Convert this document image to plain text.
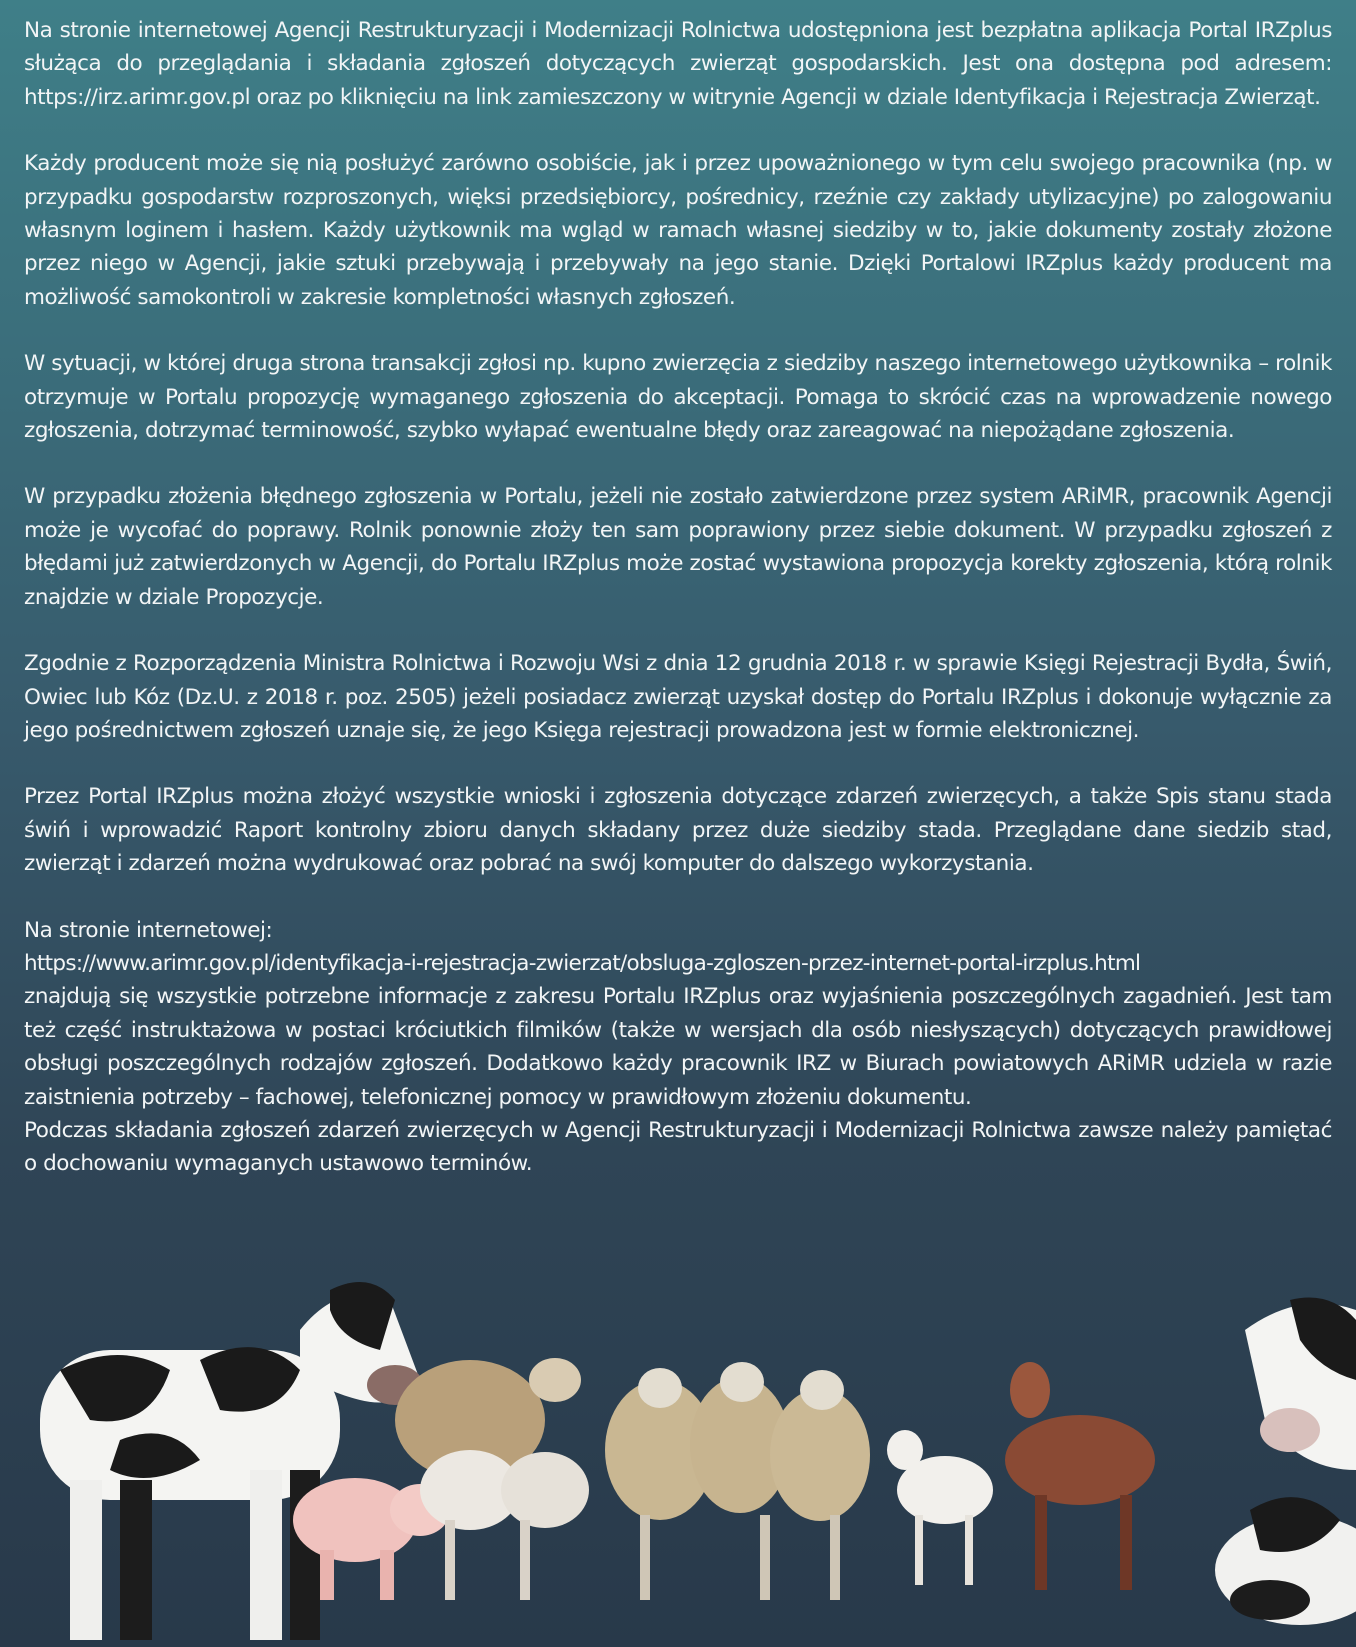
Na stronie internetowej Agencji Restrukturyzacji i Modernizacji Rolnictwa udostępniona jest bezpłatna aplikacja Portal IRZplus służąca do przeglądania i składania zgłoszeń dotyczących zwierząt gospodarskich. Jest ona dostępna pod adresem: https://irz.arimr.gov.pl oraz po kliknięciu na link zamieszczony w witrynie Agencji w dziale Identyfikacja i Rejestracja Zwierząt.

Każdy producent może się nią posłużyć zarówno osobiście, jak i przez upoważnionego w tym celu swojego pracownika (np. w przypadku gospodarstw rozproszonych, więksi przedsiębiorcy, pośrednicy, rzeźnie czy zakłady utylizacyjne) po zalogowaniu własnym loginem i hasłem. Każdy użytkownik ma wgląd w ramach własnej siedziby w to, jakie dokumenty zostały złożone przez niego w Agencji, jakie sztuki przebywają i przebywały na jego stanie. Dzięki Portalowi IRZplus każdy producent ma możliwość samokontroli w zakresie kompletności własnych zgłoszeń.

W sytuacji, w której druga strona transakcji zgłosi np. kupno zwierzęcia z siedziby naszego internetowego użytkownika – rolnik otrzymuje w Portalu propozycję wymaganego zgłoszenia do akceptacji. Pomaga to skrócić czas na wprowadzenie nowego zgłoszenia, dotrzymać terminowość, szybko wyłapać ewentualne błędy oraz zareagować na niepożądane zgłoszenia.

W przypadku złożenia błędnego zgłoszenia w Portalu, jeżeli nie zostało zatwierdzone przez system ARiMR, pracownik Agencji może je wycofać do poprawy. Rolnik ponownie złoży ten sam poprawiony przez siebie dokument. W przypadku zgłoszeń z błędami już zatwierdzonych w Agencji, do Portalu IRZplus może zostać wystawiona propozycja korekty zgłoszenia, którą rolnik znajdzie w dziale Propozycje.

Zgodnie z Rozporządzenia Ministra Rolnictwa i Rozwoju Wsi z dnia 12 grudnia 2018 r. w sprawie Księgi Rejestracji Bydła, Świń, Owiec lub Kóz (Dz.U. z 2018 r. poz. 2505) jeżeli posiadacz zwierząt uzyskał dostęp do Portalu IRZplus i dokonuje wyłącznie za jego pośrednictwem zgłoszeń uznaje się, że jego Księga rejestracji prowadzona jest w formie elektronicznej.

Przez Portal IRZplus można złożyć wszystkie wnioski i zgłoszenia dotyczące zdarzeń zwierzęcych, a także Spis stanu stada świń i wprowadzić Raport kontrolny zbioru danych składany przez duże siedziby stada. Przeglądane dane siedzib stad, zwierząt i zdarzeń można wydrukować oraz pobrać na swój komputer do dalszego wykorzystania.

Na stronie internetowej:

https://www.arimr.gov.pl/identyfikacja-i-rejestracja-zwierzat/obsluga-zgloszen-przez-internet-portal-irzplus.html

znajdują się wszystkie potrzebne informacje z zakresu Portalu IRZplus oraz wyjaśnienia poszczególnych zagadnień. Jest tam też część instruktażowa w postaci króciutkich filmików (także w wersjach dla osób niesłyszących) dotyczących prawidłowej obsługi poszczególnych rodzajów zgłoszeń. Dodatkowo każdy pracownik IRZ w Biurach powiatowych ARiMR udziela w razie zaistnienia potrzeby – fachowej, telefonicznej pomocy w prawidłowym złożeniu dokumentu.

Podczas składania zgłoszeń zdarzeń zwierzęcych w Agencji Restrukturyzacji i Modernizacji Rolnictwa zawsze należy pamiętać o dochowaniu wymaganych ustawowo terminów.
